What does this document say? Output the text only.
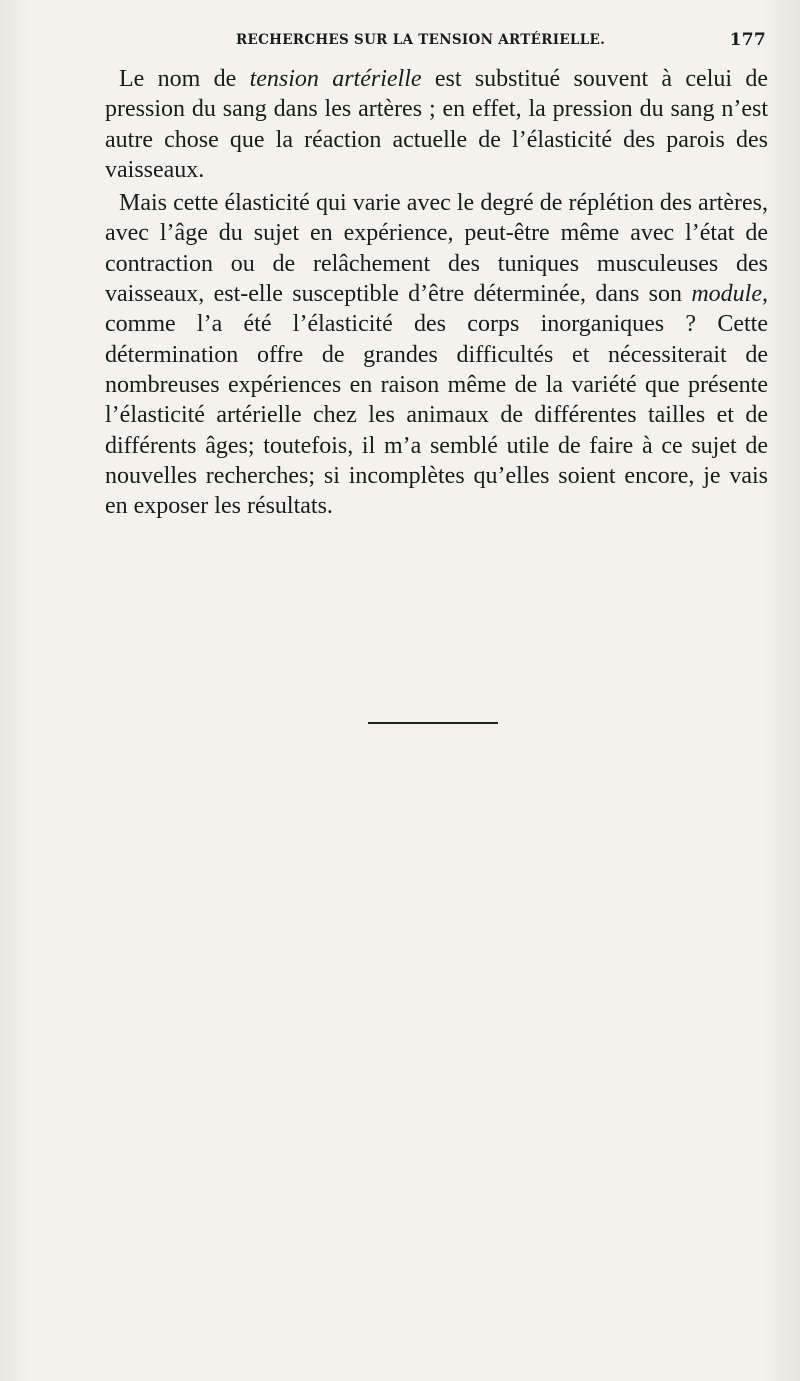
RECHERCHES SUR LA TENSION ARTÉRIELLE.	177

Le nom de tension artérielle est substitué souvent à celui de pression du sang dans les artères ; en effet, la pression du sang n’est autre chose que la réaction actuelle de l’élasticité des parois des vaisseaux.

Mais cette élasticité qui varie avec le degré de réplétion des artères, avec l’âge du sujet en expérience, peut-être même avec l’état de contraction ou de relâchement des tuniques musculeuses des vaisseaux, est-elle susceptible d’être déterminée, dans son module, comme l’a été l’élasticité des corps inorganiques ? Cette détermination offre de grandes difficultés et nécessiterait de nombreuses expériences en raison même de la variété que présente l’élasticité artérielle chez les animaux de différentes tailles et de différents âges; toutefois, il m’a semblé utile de faire à ce sujet de nouvelles recherches; si incomplètes qu’elles soient encore, je vais en exposer les résultats.
